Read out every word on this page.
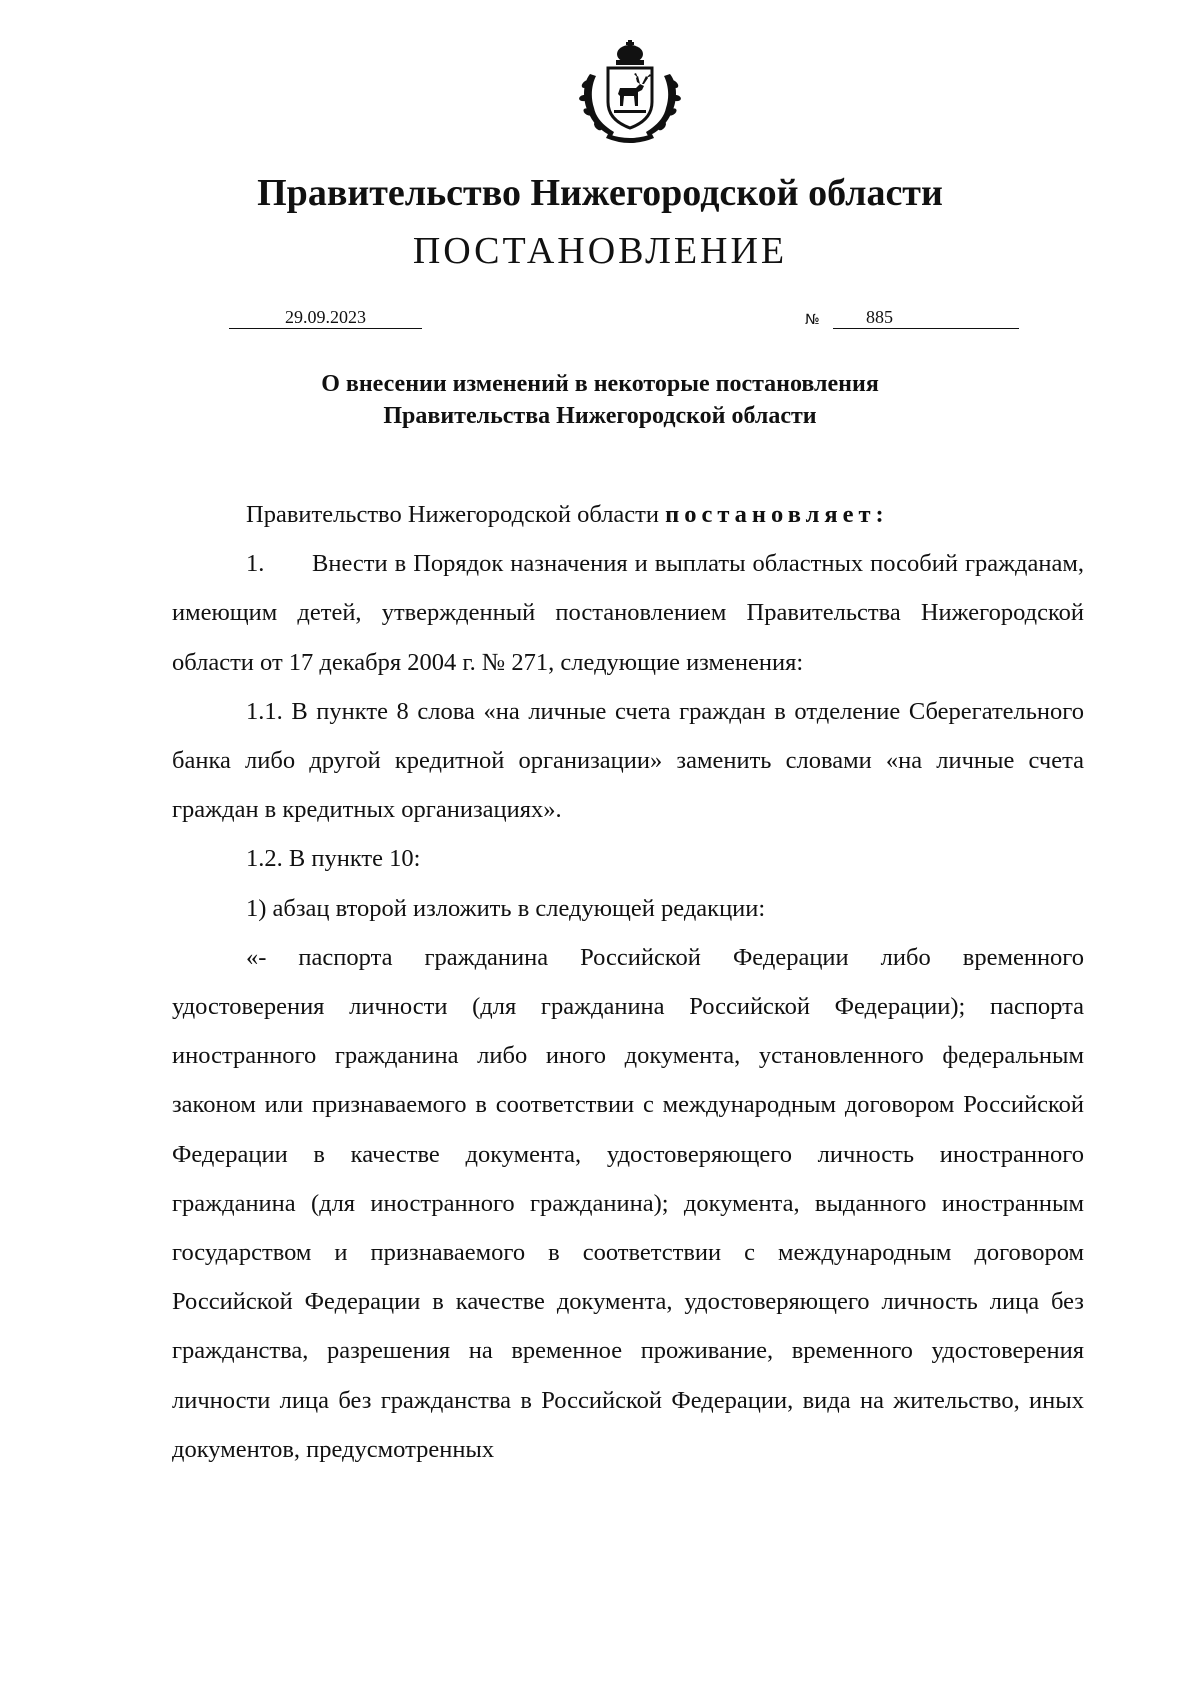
Правительство Нижегородской области
ПОСТАНОВЛЕНИЕ
29.09.2023	№	885
О внесении изменений в некоторые постановления
Правительства Нижегородской области

Правительство Нижегородской области постановляет:

1. Внести в Порядок назначения и выплаты областных пособий гражданам, имеющим детей, утвержденный постановлением Правительства Нижегородской области от 17 декабря 2004 г. № 271, следующие изменения:

1.1. В пункте 8 слова «на личные счета граждан в отделение Сберегательного банка либо другой кредитной организации» заменить словами «на личные счета граждан в кредитных организациях».

1.2. В пункте 10:

1) абзац второй изложить в следующей редакции:

«- паспорта гражданина Российской Федерации либо временного удостоверения личности (для гражданина Российской Федерации); паспорта иностранного гражданина либо иного документа, установленного федеральным законом или признаваемого в соответствии с международным договором Российской Федерации в качестве документа, удостоверяющего личность иностранного гражданина (для иностранного гражданина); документа, выданного иностранным государством и признаваемого в соответствии с международным договором Российской Федерации в качестве документа, удостоверяющего личность лица без гражданства, разрешения на временное проживание, временного удостоверения личности лица без гражданства в Российской Федерации, вида на жительство, иных документов, предусмотренных
